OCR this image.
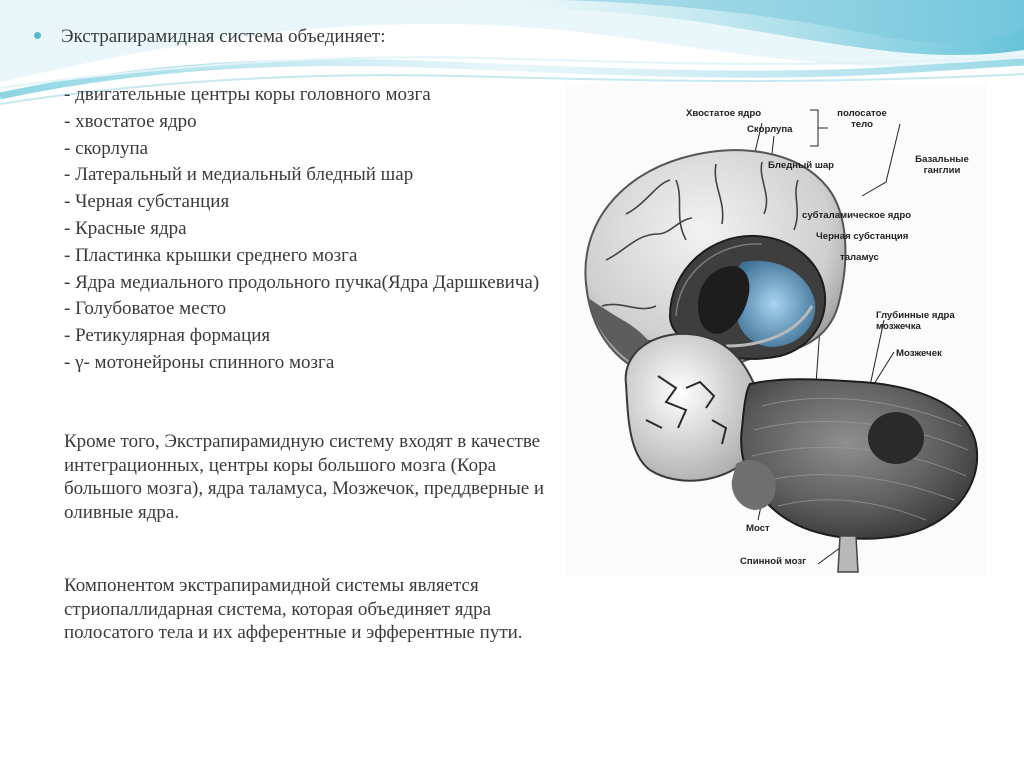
Экстрапирамидная система объединяет:
- двигательные центры коры головного мозга
- хвостатое ядро
- скорлупа
- Латеральный и медиальный бледный шар
- Черная субстанция
- Красные ядра
- Пластинка крышки среднего мозга
- Ядра медиального продольного пучка(Ядра Даршкевича)
- Голубоватое место
- Ретикулярная формация
- γ- мотонейроны спинного мозга

Кроме того, Экстрапирамидную систему входят в качестве интеграционных, центры коры большого мозга (Кора большого мозга), ядра таламуса, Мозжечок, преддверные и оливные ядра.

Компонентом экстрапирамидной системы является стриопаллидарная система, которая объединяет ядра полосатого тела и их афферентные и эфферентные пути.

Хвостатое ядро
Скорлупа
полосатое
тело
Бледный шар
Базальные
ганглии
субталамическое ядро
Черная субстанция
таламус
Глубинные ядра
мозжечка
Мозжечек
Мост
Спинной мозг
